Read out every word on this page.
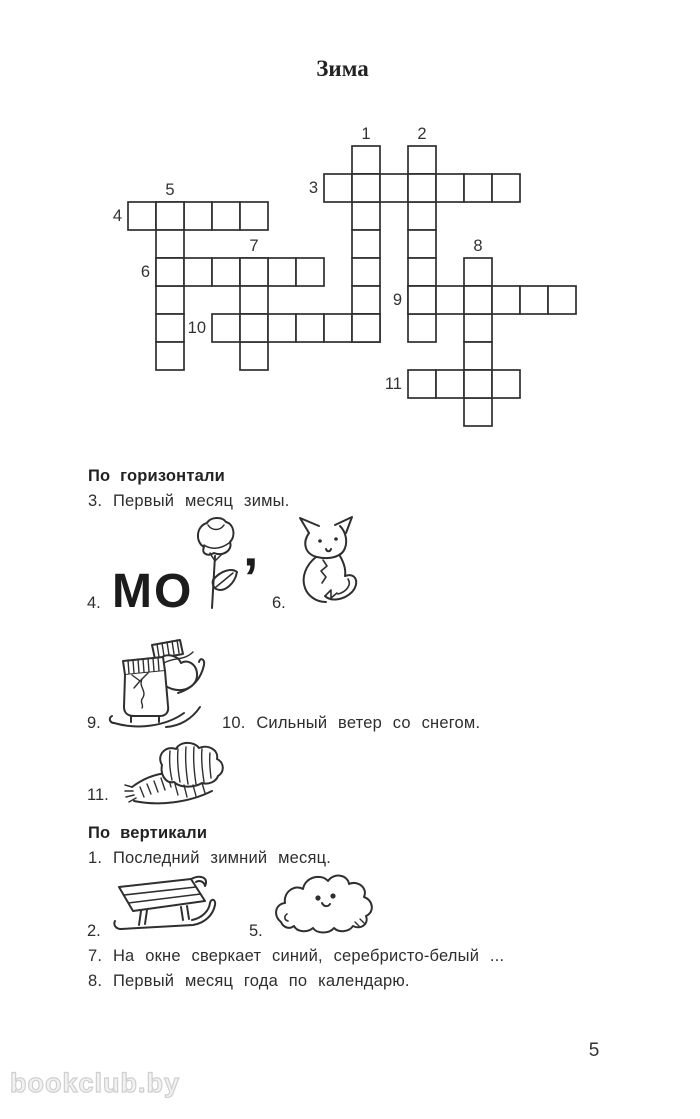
Зима
1	2
3
4
5
6
7	8
9
10
11
По горизонтали
3. Первый месяц зимы.
4. МО ’ 6.
9.	10. Сильный ветер со снегом.
11.
По вертикали
1. Последний зимний месяц.
2.	5.
7. На окне сверкает синий, серебристо-белый ...
8. Первый месяц года по календарю.
5
bookclub.by
